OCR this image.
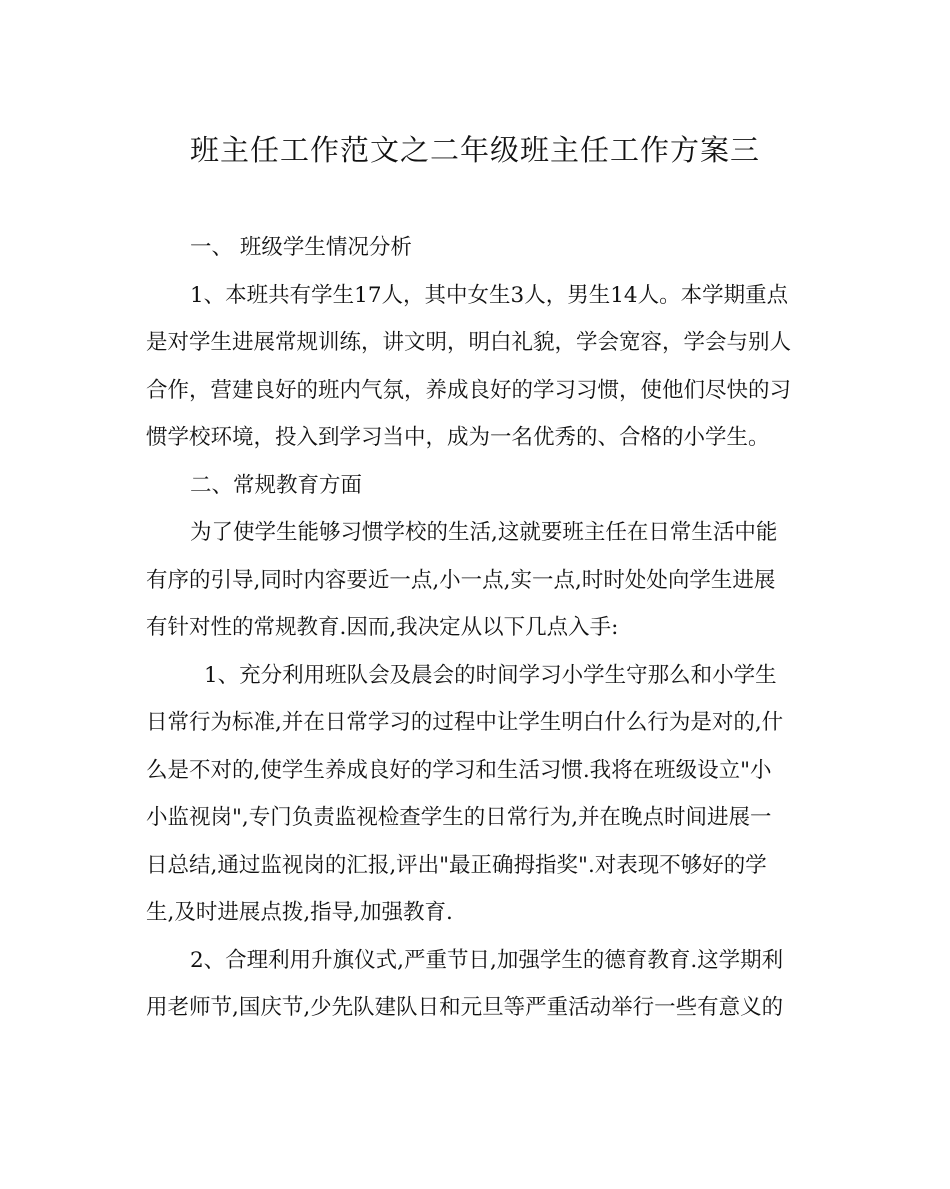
班主任工作范文之二年级班主任工作方案三
一、 班级学生情况分析
1、本班共有学生17人，其中女生3人，男生14人。本学期重点
是对学生进展常规训练，讲文明，明白礼貌，学会宽容，学会与别人
合作，营建良好的班内气氛，养成良好的学习习惯，使他们尽快的习
惯学校环境，投入到学习当中，成为一名优秀的、合格的小学生。
二、常规教育方面
为了使学生能够习惯学校的生活,这就要班主任在日常生活中能
有序的引导,同时内容要近一点,小一点,实一点,时时处处向学生进展
有针对性的常规教育.因而,我决定从以下几点入手:
1、充分利用班队会及晨会的时间学习小学生守那么和小学生
日常行为标准,并在日常学习的过程中让学生明白什么行为是对的,什
么是不对的,使学生养成良好的学习和生活习惯.我将在班级设立"小
小监视岗",专门负责监视检查学生的日常行为,并在晚点时间进展一
日总结,通过监视岗的汇报,评出"最正确拇指奖".对表现不够好的学
生,及时进展点拨,指导,加强教育.
2、合理利用升旗仪式,严重节日,加强学生的德育教育.这学期利
用老师节,国庆节,少先队建队日和元旦等严重活动举行一些有意义的
